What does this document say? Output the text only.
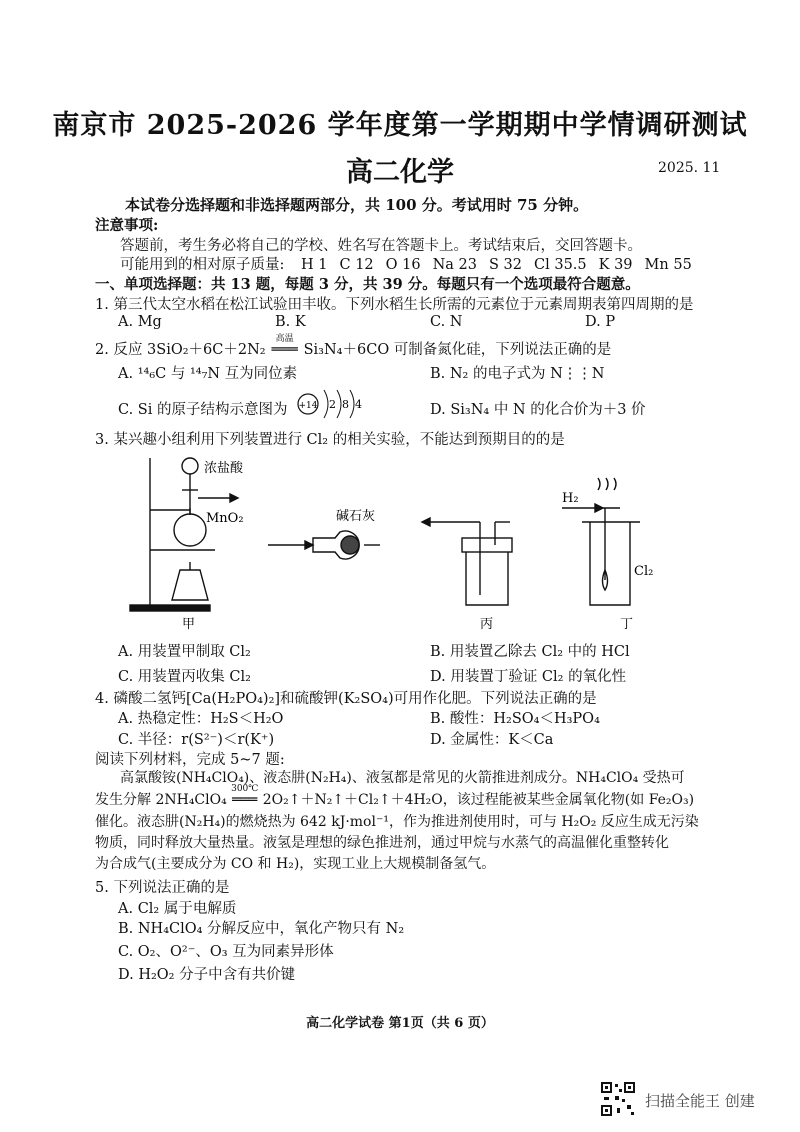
南京市 2025-2026 学年度第一学期期中学情调研测试
高二化学	2025. 11
本试卷分选择题和非选择题两部分，共 100 分。考试用时 75 分钟。
注意事项:
答题前，考生务必将自己的学校、姓名写在答题卡上。考试结束后，交回答题卡。
可能用到的相对原子质量: H 1 C 12 O 16 Na 23 S 32 Cl 35.5 K 39 Mn 55
一、单项选择题：共 13 题，每题 3 分，共 39 分。每题只有一个选项最符合题意。
1. 第三代太空水稻在松江试验田丰收。下列水稻生长所需的元素位于元素周期表第四周期的是
A. Mg	B. K	C. N	D. P
2. 反应 3SiO₂＋6C＋2N₂
高温
═══ Si₃N₄＋6CO 可制备氮化硅，下列说法正确的是
A. ¹⁴₆C 与 ¹⁴₇N 互为同位素	B. N₂ 的电子式为 N⋮⋮N
C. Si 的原子结构示意图为 +14 2 8 4	D. Si₃N₄ 中 N 的化合价为＋3 价
3. 某兴趣小组利用下列装置进行 Cl₂ 的相关实验，不能达到预期目的的是
浓盐酸
MnO₂
甲
碱石灰
丙
H₂
Cl₂
丁
A. 用装置甲制取 Cl₂	B. 用装置乙除去 Cl₂ 中的 HCl
C. 用装置丙收集 Cl₂	D. 用装置丁验证 Cl₂ 的氧化性
4. 磷酸二氢钙[Ca(H₂PO₄)₂]和硫酸钾(K₂SO₄)可用作化肥。下列说法正确的是
A. 热稳定性：H₂S＜H₂O	B. 酸性：H₂SO₄＜H₃PO₄
C. 半径：r(S²⁻)＜r(K⁺)	D. 金属性：K＜Ca
阅读下列材料，完成 5~7 题:
高氯酸铵(NH₄ClO₄)、液态肼(N₂H₄)、液氢都是常见的火箭推进剂成分。NH₄ClO₄ 受热可
发生分解 2NH₄ClO₄
300℃
═══ 2O₂↑＋N₂↑＋Cl₂↑＋4H₂O，该过程能被某些金属氧化物(如 Fe₂O₃)
催化。液态肼(N₂H₄)的燃烧热为 642 kJ·mol⁻¹，作为推进剂使用时，可与 H₂O₂ 反应生成无污染
物质，同时释放大量热量。液氢是理想的绿色推进剂，通过甲烷与水蒸气的高温催化重整转化
为合成气(主要成分为 CO 和 H₂)，实现工业上大规模制备氢气。
5. 下列说法正确的是
A. Cl₂ 属于电解质
B. NH₄ClO₄ 分解反应中，氧化产物只有 N₂
C. O₂、O²⁻、O₃ 互为同素异形体
D. H₂O₂ 分子中含有共价键
高二化学试卷 第1页（共 6 页）
扫描全能王 创建
